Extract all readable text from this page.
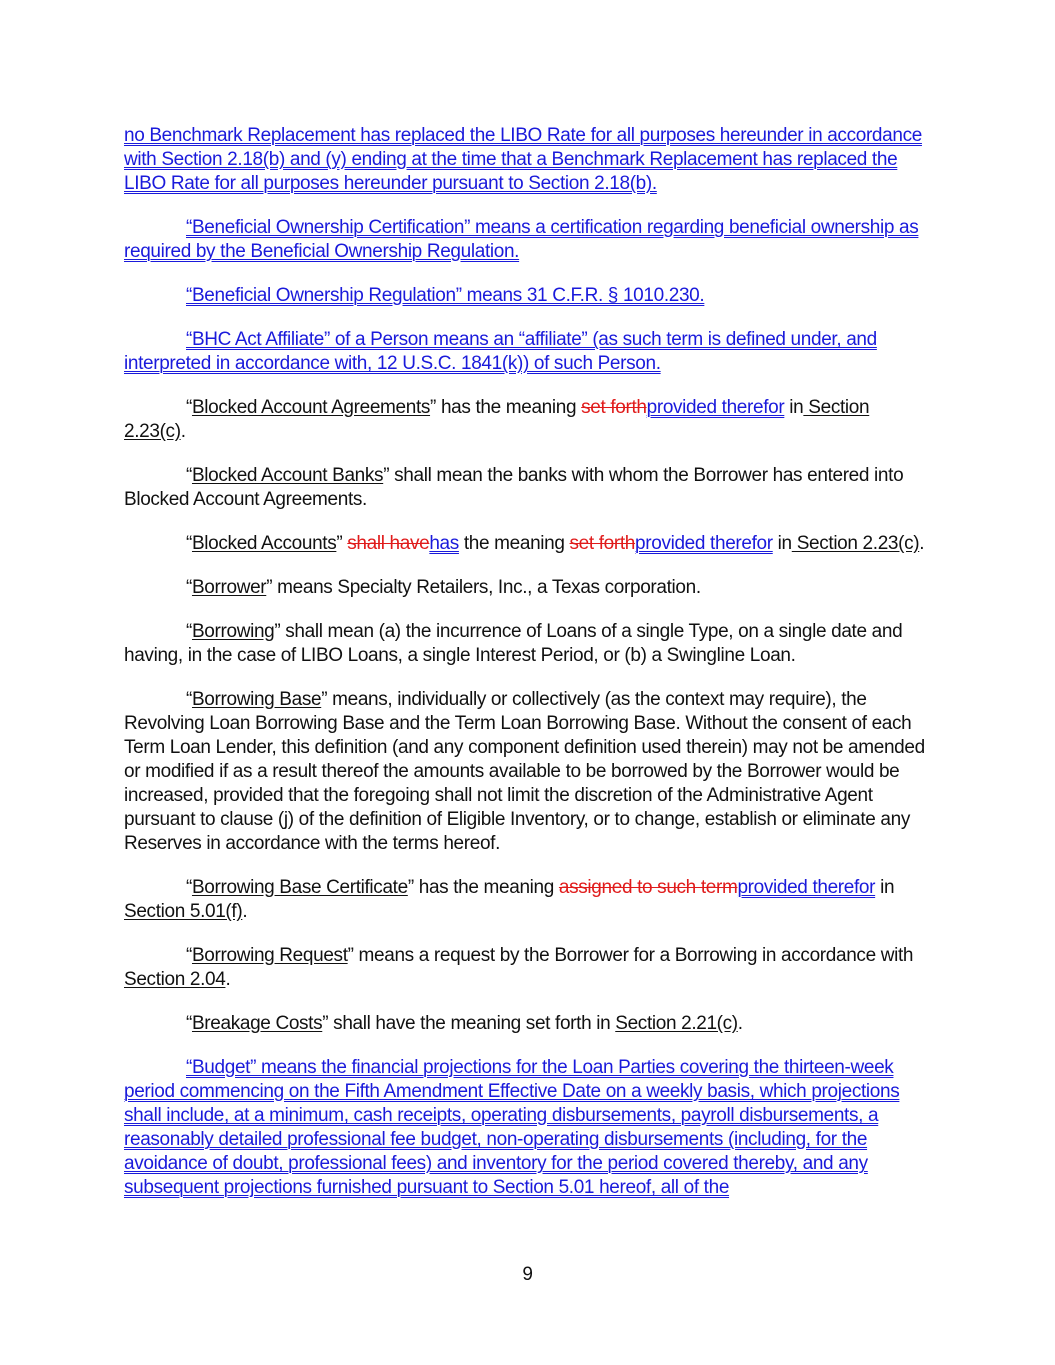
no Benchmark Replacement has replaced the LIBO Rate for all purposes hereunder in accordance with Section 2.18(b) and (y) ending at the time that a Benchmark Replacement has replaced the LIBO Rate for all purposes hereunder pursuant to Section 2.18(b).

“Beneficial Ownership Certification” means a certification regarding beneficial ownership as required by the Beneficial Ownership Regulation.

“Beneficial Ownership Regulation” means 31 C.F.R. § 1010.230.

“BHC Act Affiliate” of a Person means an “affiliate” (as such term is defined under, and interpreted in accordance with, 12 U.S.C. 1841(k)) of such Person.

“Blocked Account Agreements” has the meaning set forthprovided therefor in Section 2.23(c).

“Blocked Account Banks” shall mean the banks with whom the Borrower has entered into Blocked Account Agreements.

“Blocked Accounts” shall havehas the meaning set forthprovided therefor in Section 2.23(c).

“Borrower” means Specialty Retailers, Inc., a Texas corporation.

“Borrowing” shall mean (a) the incurrence of Loans of a single Type, on a single date and having, in the case of LIBO Loans, a single Interest Period, or (b) a Swingline Loan.

“Borrowing Base” means, individually or collectively (as the context may require), the Revolving Loan Borrowing Base and the Term Loan Borrowing Base. Without the consent of each Term Loan Lender, this definition (and any component definition used therein) may not be amended or modified if as a result thereof the amounts available to be borrowed by the Borrower would be increased, provided that the foregoing shall not limit the discretion of the Administrative Agent pursuant to clause (j) of the definition of Eligible Inventory, or to change, establish or eliminate any Reserves in accordance with the terms hereof.

“Borrowing Base Certificate” has the meaning assigned to such termprovided therefor in Section 5.01(f).

“Borrowing Request” means a request by the Borrower for a Borrowing in accordance with Section 2.04.

“Breakage Costs” shall have the meaning set forth in Section 2.21(c).

“Budget” means the financial projections for the Loan Parties covering the thirteen-week period commencing on the Fifth Amendment Effective Date on a weekly basis, which projections shall include, at a minimum, cash receipts, operating disbursements, payroll disbursements, a reasonably detailed professional fee budget, non-operating disbursements (including, for the avoidance of doubt, professional fees) and inventory for the period covered thereby, and any subsequent projections furnished pursuant to Section 5.01 hereof, all of the

9
